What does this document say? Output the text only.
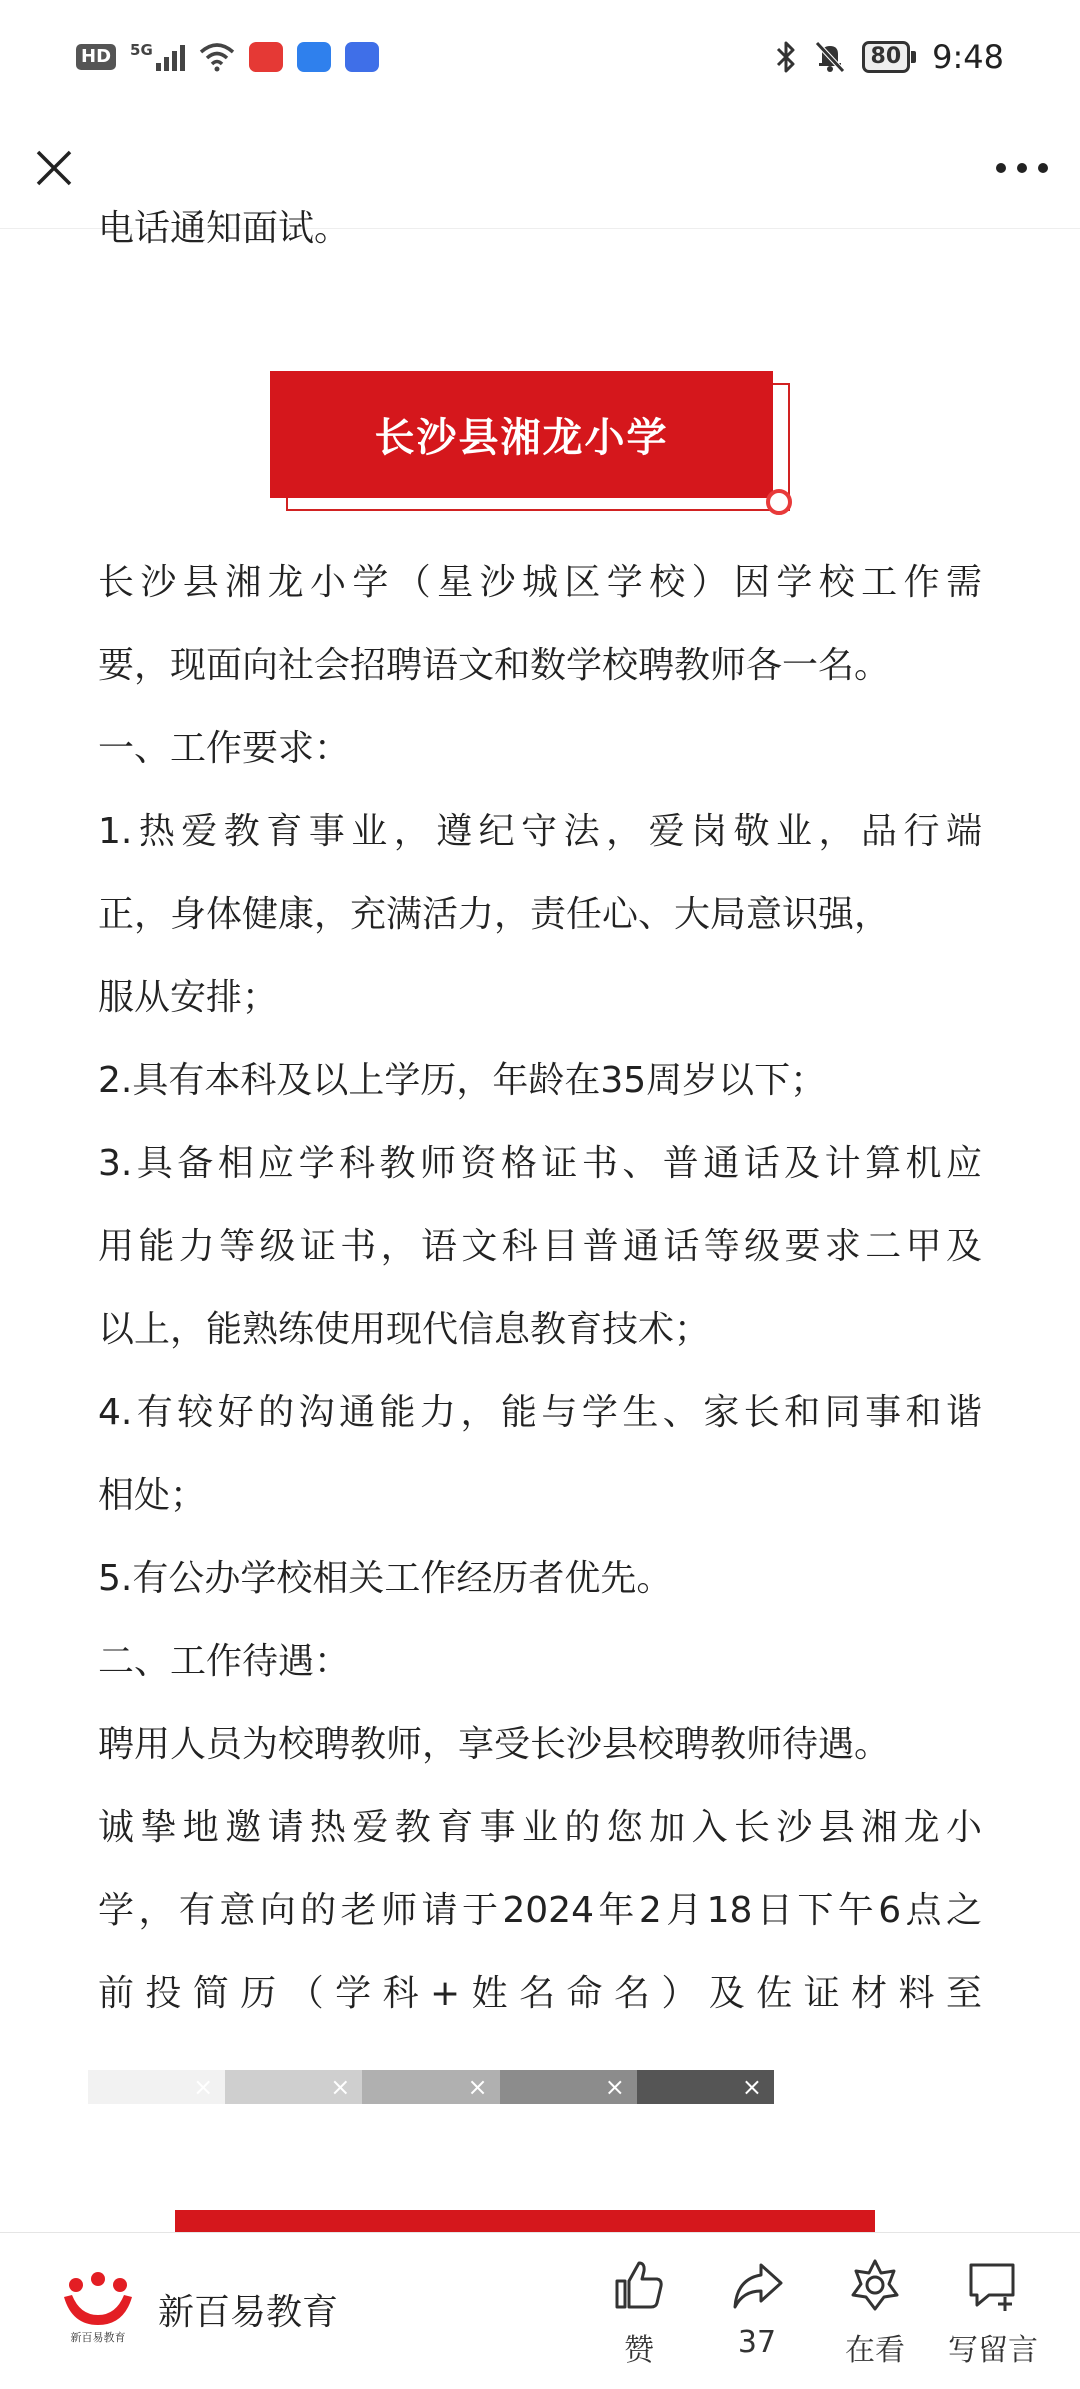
HD	5G	80 9:48

电话通知面试。

长沙县湘龙小学

长沙县湘龙小学（星沙城区学校）因学校工作需

要，现面向社会招聘语文和数学校聘教师各一名。

一、工作要求：

1.热爱教育事业，遵纪守法，爱岗敬业，品行端

正，身体健康，充满活力，责任心、大局意识强，

服从安排；

2.具有本科及以上学历，年龄在35周岁以下；

3.具备相应学科教师资格证书、普通话及计算机应

用能力等级证书，语文科目普通话等级要求二甲及

以上，能熟练使用现代信息教育技术；

4.有较好的沟通能力，能与学生、家长和同事和谐

相处；

5.有公办学校相关工作经历者优先。

二、工作待遇：

聘用人员为校聘教师，享受长沙县校聘教师待遇。

诚挚地邀请热爱教育事业的您加入长沙县湘龙小

学，有意向的老师请于2024年2月18日下午6点之

前投简历（学科+姓名命名）及佐证材料至

×	×	×	×	×
新百易教育
新百易教育
赞	37 在看 写留言
